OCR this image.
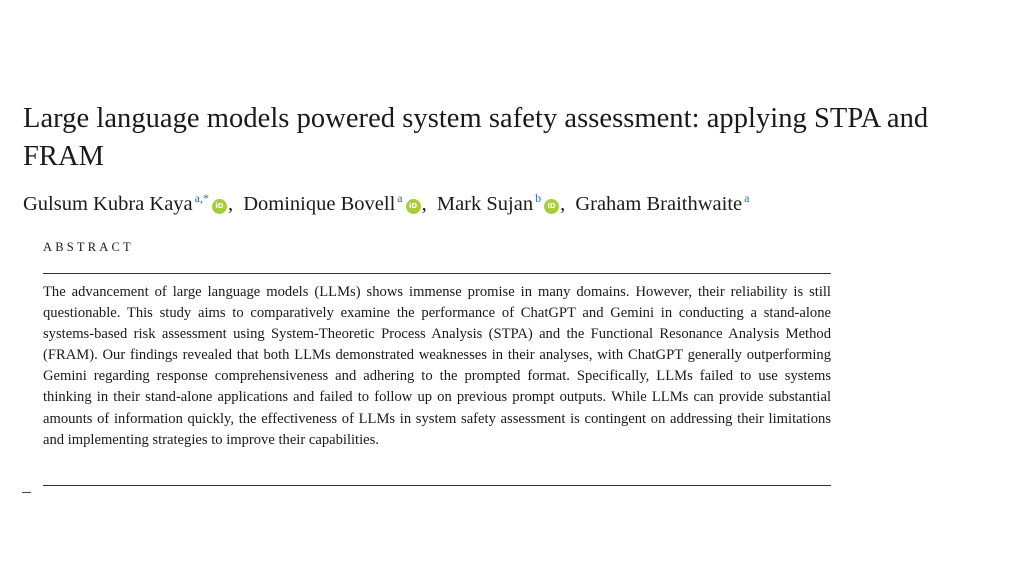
Large language models powered system safety assessment: applying STPA and FRAM
Gulsum Kubra Kaya $^{a,*}$iD , Dominique Bovell $^a$iD , Mark Sujan $^b$iD , Graham Braithwaite $^a$
ABSTRACT

The advancement of large language models (LLMs) shows immense promise in many domains. However, their reliability is still questionable. This study aims to comparatively examine the performance of ChatGPT and Gemini in conducting a stand-alone systems-based risk assessment using System-Theoretic Process Analysis (STPA) and the Functional Resonance Analysis Method (FRAM). Our findings revealed that both LLMs demonstrated weaknesses in their analyses, with ChatGPT generally outperforming Gemini regarding response comprehensiveness and adhering to the prompted format. Specifically, LLMs failed to use systems thinking in their stand-alone applications and failed to follow up on previous prompt outputs. While LLMs can provide substantial amounts of information quickly, the effectiveness of LLMs in system safety assessment is contingent on addressing their limitations and implementing strategies to improve their capabilities.
